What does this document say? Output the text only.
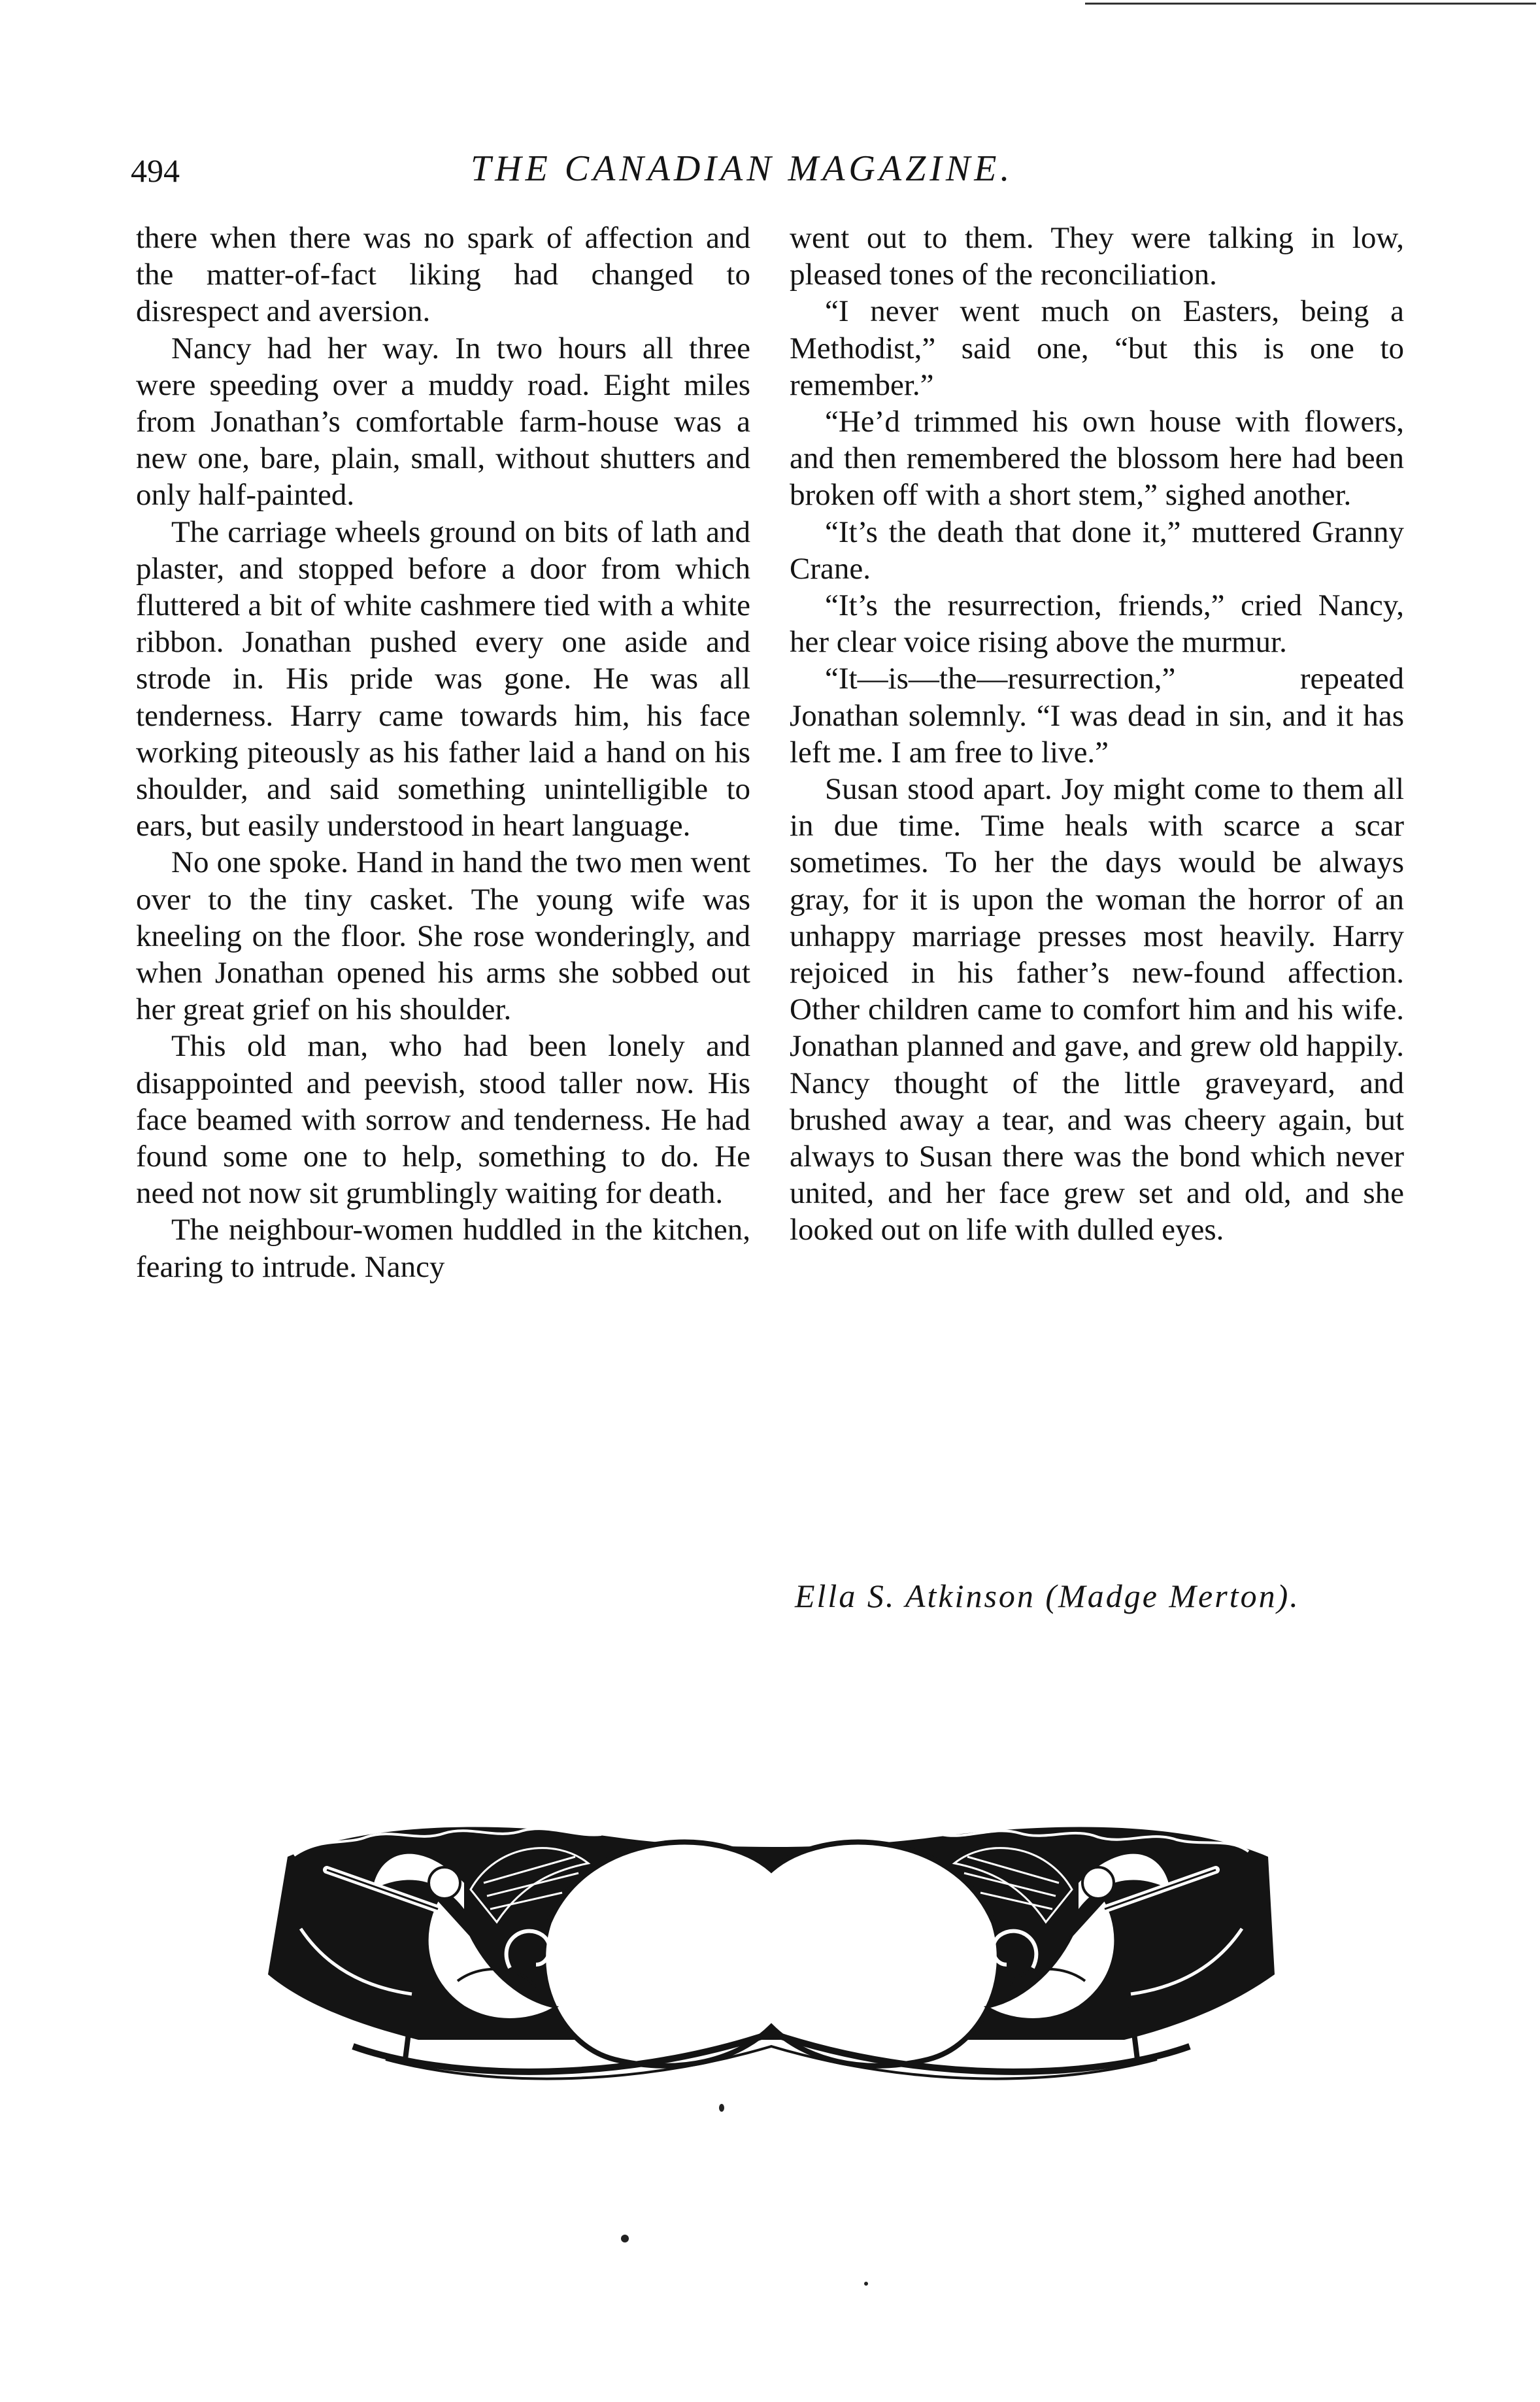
494	THE CANADIAN MAGAZINE.

there when there was no spark of affection and the matter-of-fact liking had changed to disrespect and aversion.

Nancy had her way. In two hours all three were speeding over a muddy road. Eight miles from Jonathan’s comfortable farm-house was a new one, bare, plain, small, without shutters and only half-painted.

The carriage wheels ground on bits of lath and plaster, and stopped before a door from which fluttered a bit of white cashmere tied with a white ribbon. Jonathan pushed every one aside and strode in. His pride was gone. He was all tenderness. Harry came towards him, his face working piteously as his father laid a hand on his shoulder, and said something unintelligible to ears, but easily understood in heart language.

No one spoke. Hand in hand the two men went over to the tiny casket. The young wife was kneeling on the floor. She rose wonderingly, and when Jonathan opened his arms she sobbed out her great grief on his shoulder.

This old man, who had been lonely and disappointed and peevish, stood taller now. His face beamed with sorrow and tenderness. He had found some one to help, something to do. He need not now sit grumblingly waiting for death.

The neighbour-women huddled in the kitchen, fearing to intrude. Nancy

went out to them. They were talking in low, pleased tones of the reconciliation.

“I never went much on Easters, being a Methodist,” said one, “but this is one to remember.”

“He’d trimmed his own house with flowers, and then remembered the blossom here had been broken off with a short stem,” sighed another.

“It’s the death that done it,” muttered Granny Crane.

“It’s the resurrection, friends,” cried Nancy, her clear voice rising above the murmur.

“It—is—the—resurrection,” repeated Jonathan solemnly. “I was dead in sin, and it has left me. I am free to live.”

Susan stood apart. Joy might come to them all in due time. Time heals with scarce a scar sometimes. To her the days would be always gray, for it is upon the woman the horror of an unhappy marriage presses most heavily. Harry rejoiced in his father’s new-found affection. Other children came to comfort him and his wife. Jonathan planned and gave, and grew old happily. Nancy thought of the little graveyard, and brushed away a tear, and was cheery again, but always to Susan there was the bond which never united, and her face grew set and old, and she looked out on life with dulled eyes.

Ella S. Atkinson (Madge Merton).
